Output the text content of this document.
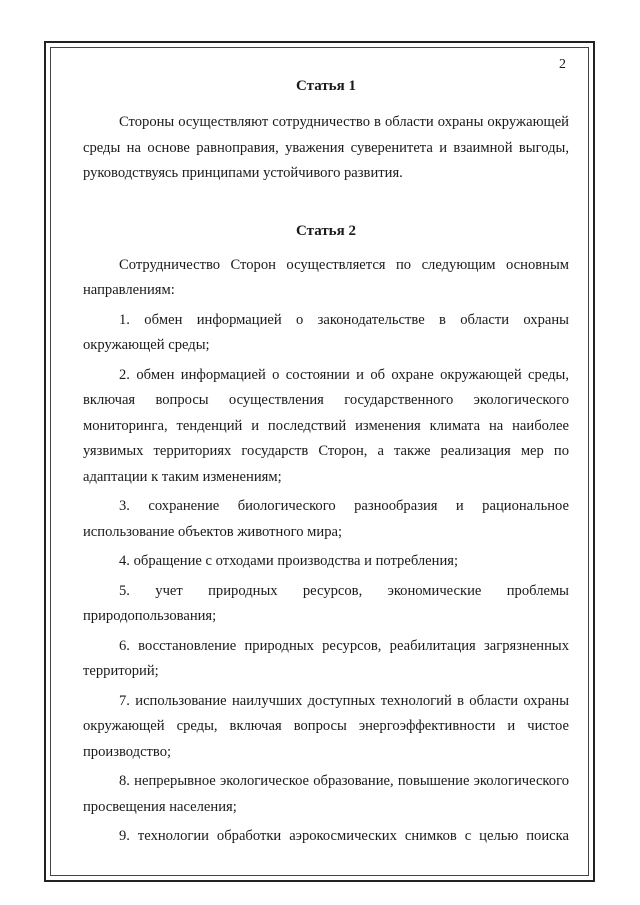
2
Статья 1

Стороны осуществляют сотрудничество в области охраны окружающей среды на основе равноправия, уважения суверенитета и взаимной выгоды, руководствуясь принципами устойчивого развития.

Статья 2

Сотрудничество Сторон осуществляется по следующим основным направлениям:

1. обмен информацией о законодательстве в области охраны окружающей среды;

2. обмен информацией о состоянии и об охране окружающей среды, включая вопросы осуществления государственного экологического мониторинга, тенденций и последствий изменения климата на наиболее уязвимых территориях государств Сторон, а также реализация мер по адаптации к таким изменениям;

3. сохранение биологического разнообразия и рациональное использование объектов животного мира;

4. обращение с отходами производства и потребления;

5. учет природных ресурсов, экономические проблемы природопользования;

6. восстановление природных ресурсов, реабилитация загрязненных территорий;

7. использование наилучших доступных технологий в области охраны окружающей среды, включая вопросы энергоэффективности и чистое производство;

8. непрерывное экологическое образование, повышение экологического просвещения населения;

9. технологии обработки аэрокосмических снимков с целью поиска
